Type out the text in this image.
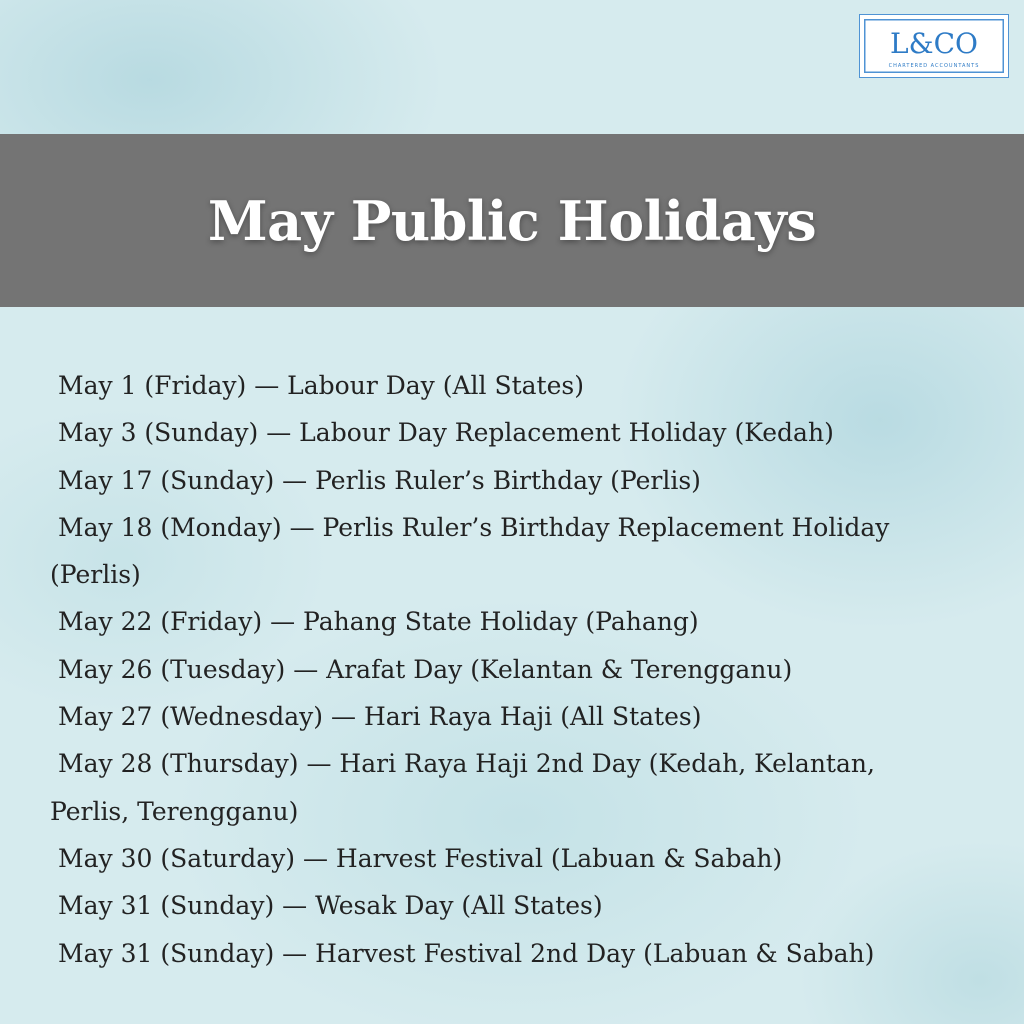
L&CO
CHARTERED ACCOUNTANTS
May Public Holidays
May 1 (Friday) — Labour Day (All States)
May 3 (Sunday) — Labour Day Replacement Holiday (Kedah)
May 17 (Sunday) — Perlis Ruler’s Birthday (Perlis)
May 18 (Monday) — Perlis Ruler’s Birthday Replacement Holiday
(Perlis)
May 22 (Friday) — Pahang State Holiday (Pahang)
May 26 (Tuesday) — Arafat Day (Kelantan & Terengganu)
May 27 (Wednesday) — Hari Raya Haji (All States)
May 28 (Thursday) — Hari Raya Haji 2nd Day (Kedah, Kelantan,
Perlis, Terengganu)
May 30 (Saturday) — Harvest Festival (Labuan & Sabah)
May 31 (Sunday) — Wesak Day (All States)
May 31 (Sunday) — Harvest Festival 2nd Day (Labuan & Sabah)
